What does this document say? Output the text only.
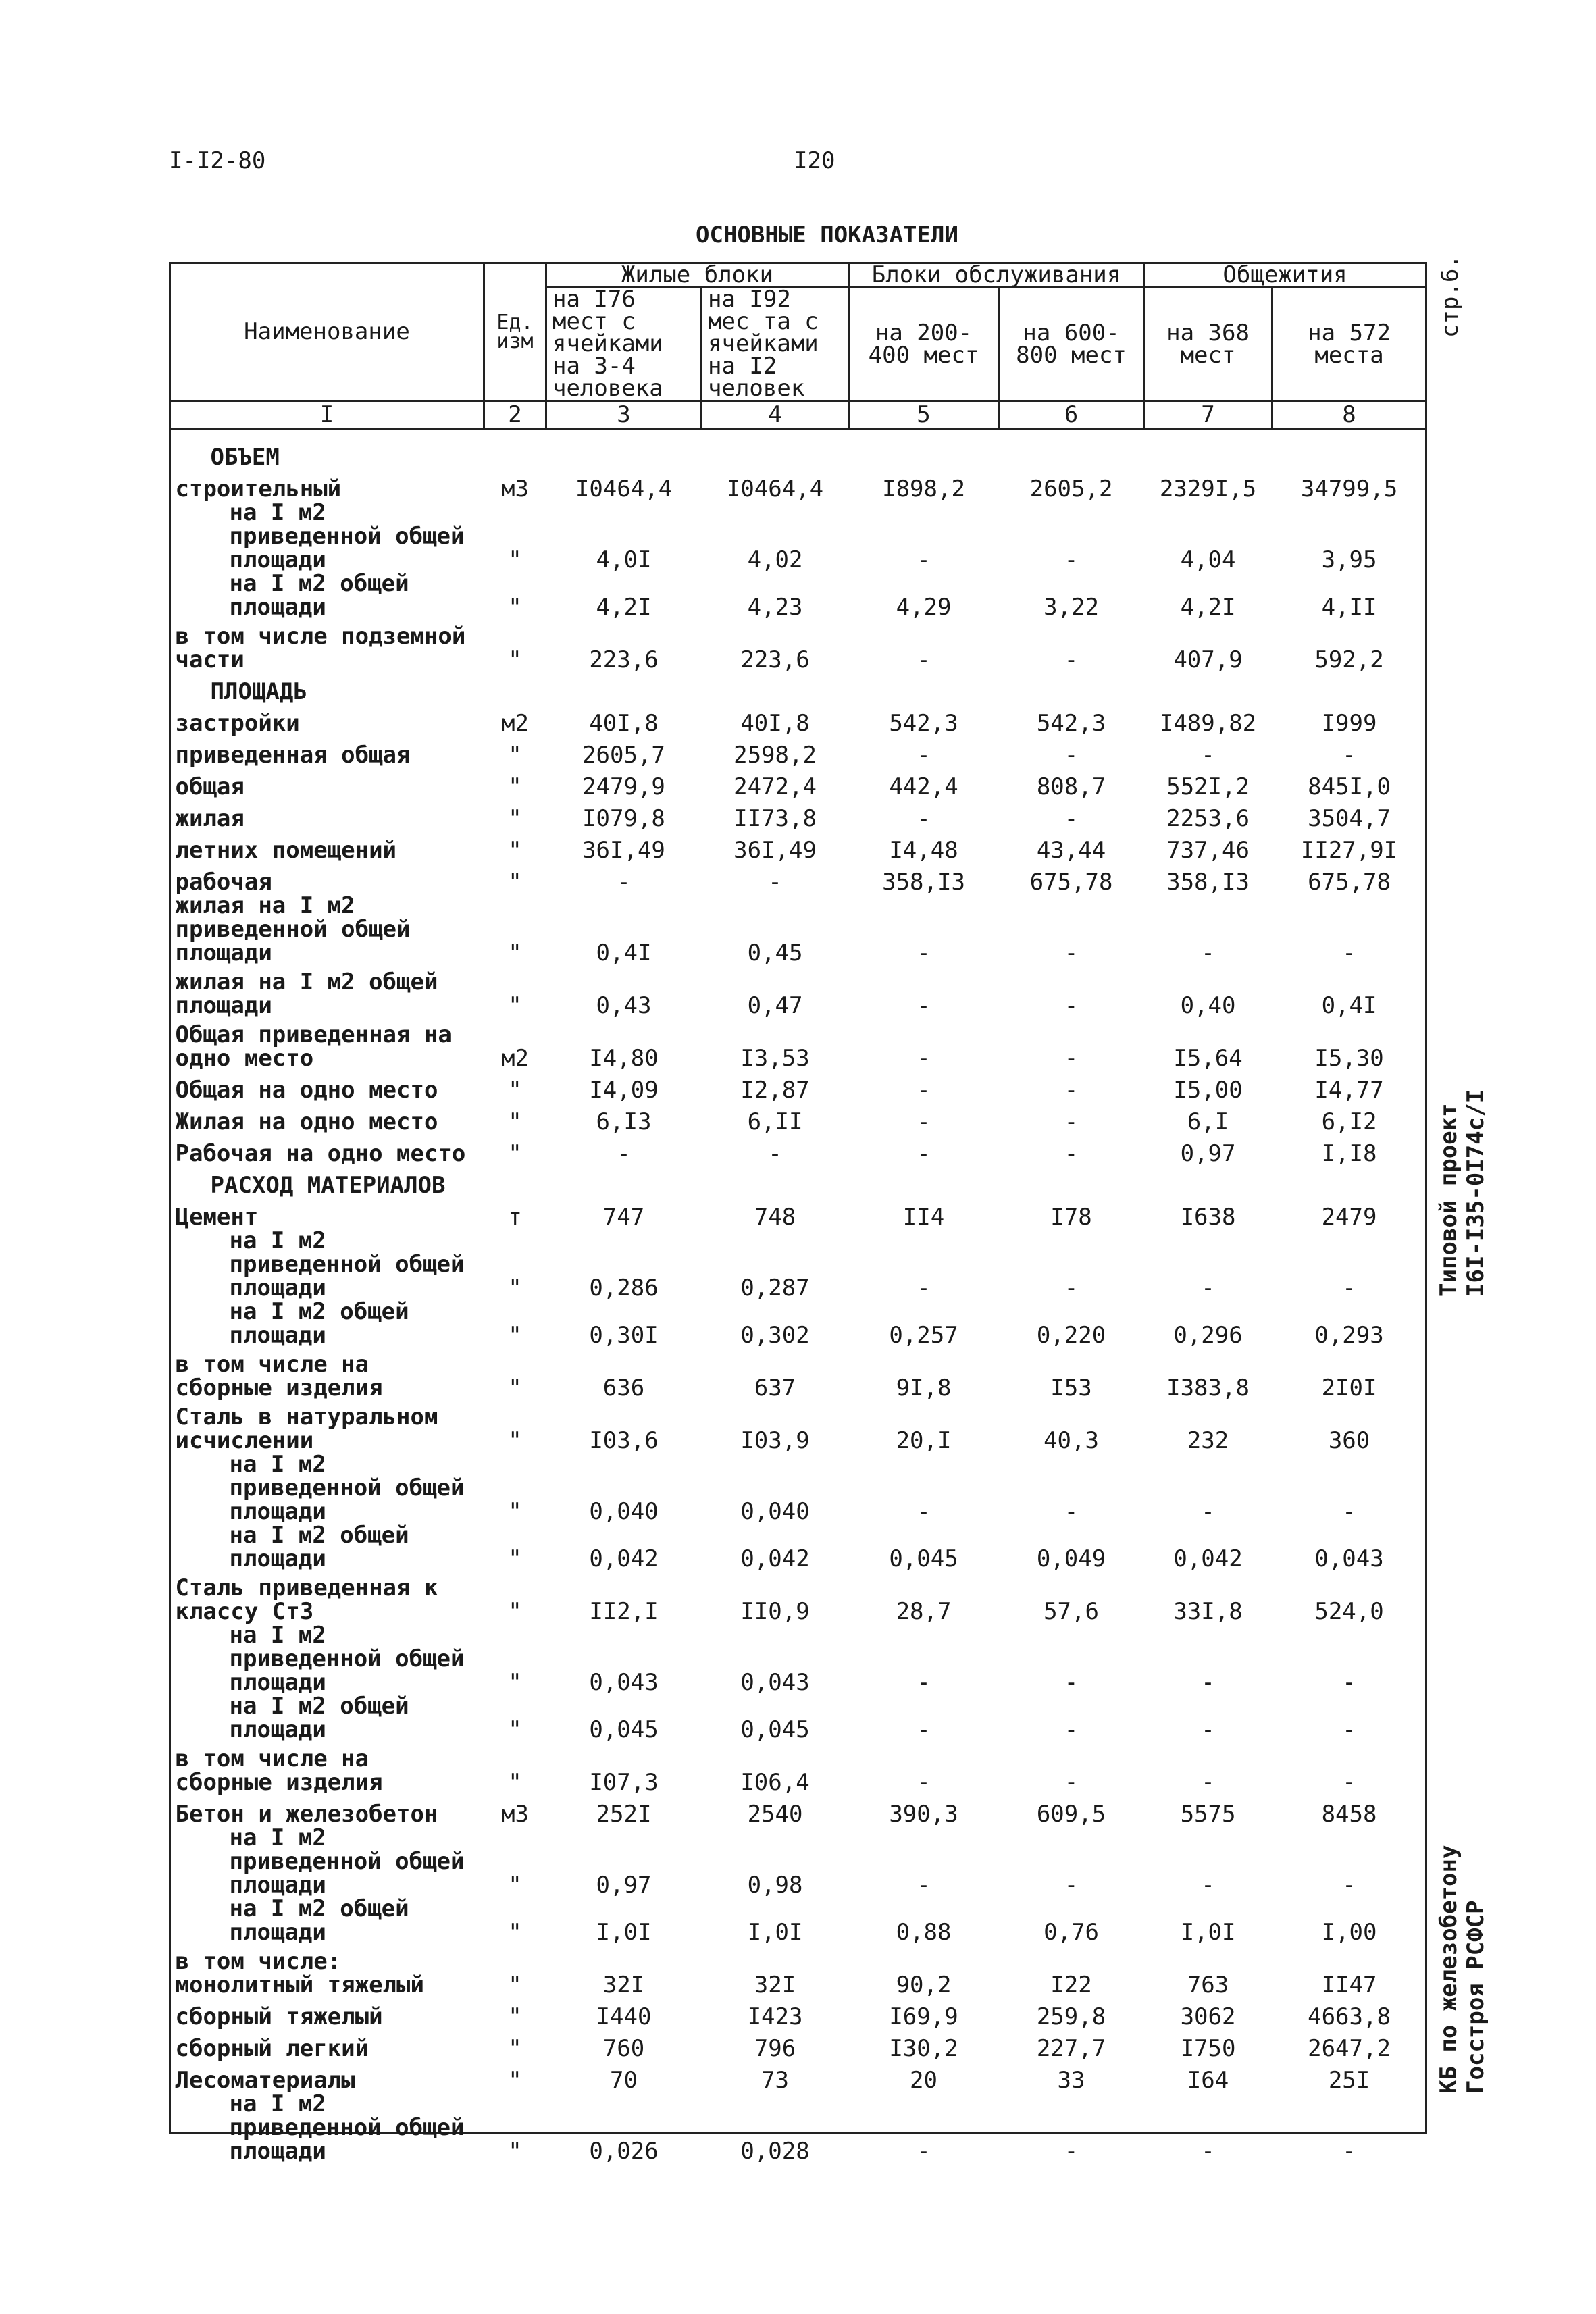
I-I2-80	I20
ОСНОВНЫЕ ПОКАЗАТЕЛИ
Наименование	Ед. изм	Жилые блоки		Блоки обслуживания		Общежития	
		на I76 мест с ячейками на 3-4 человека	на I92 мес та с ячейками на I2 человек	на 200-400 мест	на 600-800 мест	на 368 мест	на 572 места
I	2	3	4	5	6	7	8
ОБЪЕМ							
строительный	м3	I0464,4	I0464,4	I898,2	2605,2	2329I,5	34799,5
на I м2 приведенной общей площади	"	4,0I	4,02	-	-	4,04	3,95
на I м2 общей площади	"	4,2I	4,23	4,29	3,22	4,2I	4,II
в том числе подземной части	"	223,6	223,6	-	-	407,9	592,2
ПЛОЩАДЬ							
застройки	м2	40I,8	40I,8	542,3	542,3	I489,82	I999
приведенная общая	"	2605,7	2598,2	-	-	-	-
общая	"	2479,9	2472,4	442,4	808,7	552I,2	845I,0
жилая	"	I079,8	II73,8	-	-	2253,6	3504,7
летних помещений	"	36I,49	36I,49	I4,48	43,44	737,46	II27,9I
рабочая	"	-	-	358,I3	675,78	358,I3	675,78
жилая на I м2 приведенной общей площади	"	0,4I	0,45	-	-	-	-
жилая на I м2 общей площади	"	0,43	0,47	-	-	0,40	0,4I
Общая приведенная на одно место	м2	I4,80	I3,53	-	-	I5,64	I5,30
Общая на одно место	"	I4,09	I2,87	-	-	I5,00	I4,77
Жилая на одно место	"	6,I3	6,II	-	-	6,I	6,I2
Рабочая на одно место	"	-	-	-	-	0,97	I,I8
РАСХОД МАТЕРИАЛОВ							
Цемент	т	747	748	II4	I78	I638	2479
на I м2 приведенной общей площади	"	0,286	0,287	-	-	-	-
на I м2 общей площади	"	0,30I	0,302	0,257	0,220	0,296	0,293
в том числе на сборные изделия	"	636	637	9I,8	I53	I383,8	2I0I
Сталь в натуральном исчислении	"	I03,6	I03,9	20,I	40,3	232	360
на I м2 приведенной общей площади	"	0,040	0,040	-	-	-	-
на I м2 общей площади	"	0,042	0,042	0,045	0,049	0,042	0,043
Сталь приведенная к классу Ст3	"	II2,I	II0,9	28,7	57,6	33I,8	524,0
на I м2 приведенной общей площади	"	0,043	0,043	-	-	-	-
на I м2 общей площади	"	0,045	0,045	-	-	-	-
в том числе на сборные изделия	"	I07,3	I06,4	-	-	-	-
Бетон и железобетон	м3	252I	2540	390,3	609,5	5575	8458
на I м2 приведенной общей площади	"	0,97	0,98	-	-	-	-
на I м2 общей площади	"	I,0I	I,0I	0,88	0,76	I,0I	I,00
в том числе: монолитный тяжелый	"	32I	32I	90,2	I22	763	II47
сборный тяжелый	"	I440	I423	I69,9	259,8	3062	4663,8
сборный легкий	"	760	796	I30,2	227,7	I750	2647,2
Лесоматериалы	"	70	73	20	33	I64	25I
на I м2 приведенной общей площади	"	0,026	0,028	-	-	-	-
стр.6.
Типовой проект I6I-I35-0I74с/I
КБ по железобетону Госстроя РСФСР
